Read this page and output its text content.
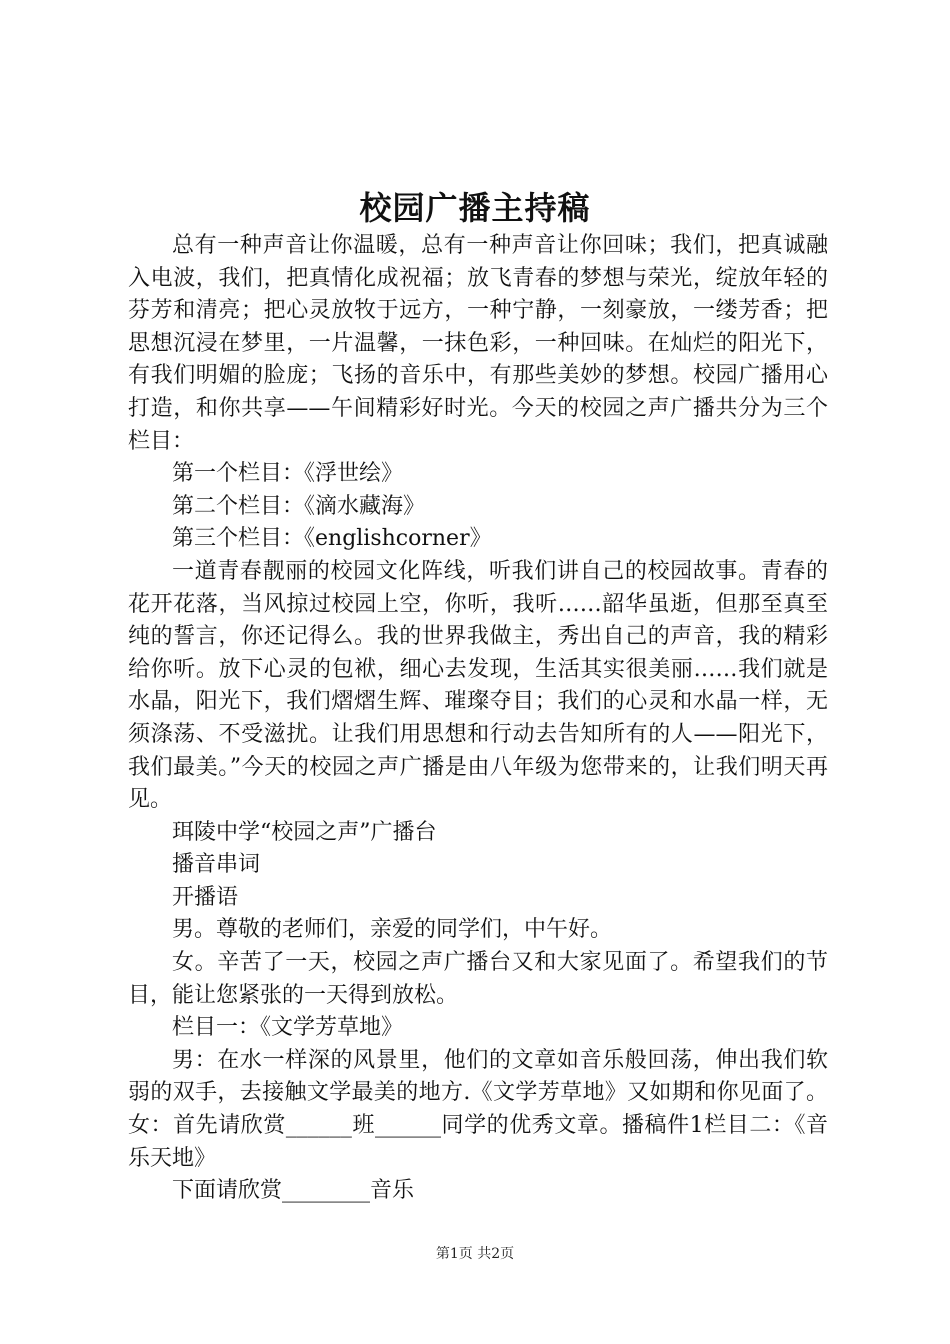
校园广播主持稿

总有一种声音让你温暖，总有一种声音让你回味；我们，把真诚融入电波，我们，把真情化成祝福；放飞青春的梦想与荣光，绽放年轻的芬芳和清亮；把心灵放牧于远方，一种宁静，一刻豪放，一缕芳香；把思想沉浸在梦里，一片温馨，一抹色彩，一种回味。在灿烂的阳光下，有我们明媚的脸庞；飞扬的音乐中，有那些美妙的梦想。校园广播用心打造，和你共享——午间精彩好时光。今天的校园之声广播共分为三个栏目：

第一个栏目：《浮世绘》

第二个栏目：《滴水藏海》

第三个栏目：《englishcorner》

一道青春靓丽的校园文化阵线，听我们讲自己的校园故事。青春的花开花落，当风掠过校园上空，你听，我听……韶华虽逝，但那至真至纯的誓言，你还记得么。我的世界我做主，秀出自己的声音，我的精彩给你听。放下心灵的包袱，细心去发现，生活其实很美丽……我们就是水晶，阳光下，我们熠熠生辉、璀璨夺目；我们的心灵和水晶一样，无须涤荡、不受滋扰。让我们用思想和行动去告知所有的人——阳光下，我们最美。”今天的校园之声广播是由八年级为您带来的，让我们明天再见。

珥陵中学“校园之声”广播台

播音串词

开播语

男。尊敬的老师们，亲爱的同学们，中午好。

女。辛苦了一天，校园之声广播台又和大家见面了。希望我们的节目，能让您紧张的一天得到放松。

栏目一：《文学芳草地》

男：在水一样深的风景里，他们的文章如音乐般回荡，伸出我们软弱的双手，去接触文学最美的地方.《文学芳草地》又如期和你见面了。女：首先请欣赏______班______同学的优秀文章。播稿件1栏目二：《音乐天地》

下面请欣赏________音乐

第1页 共2页
